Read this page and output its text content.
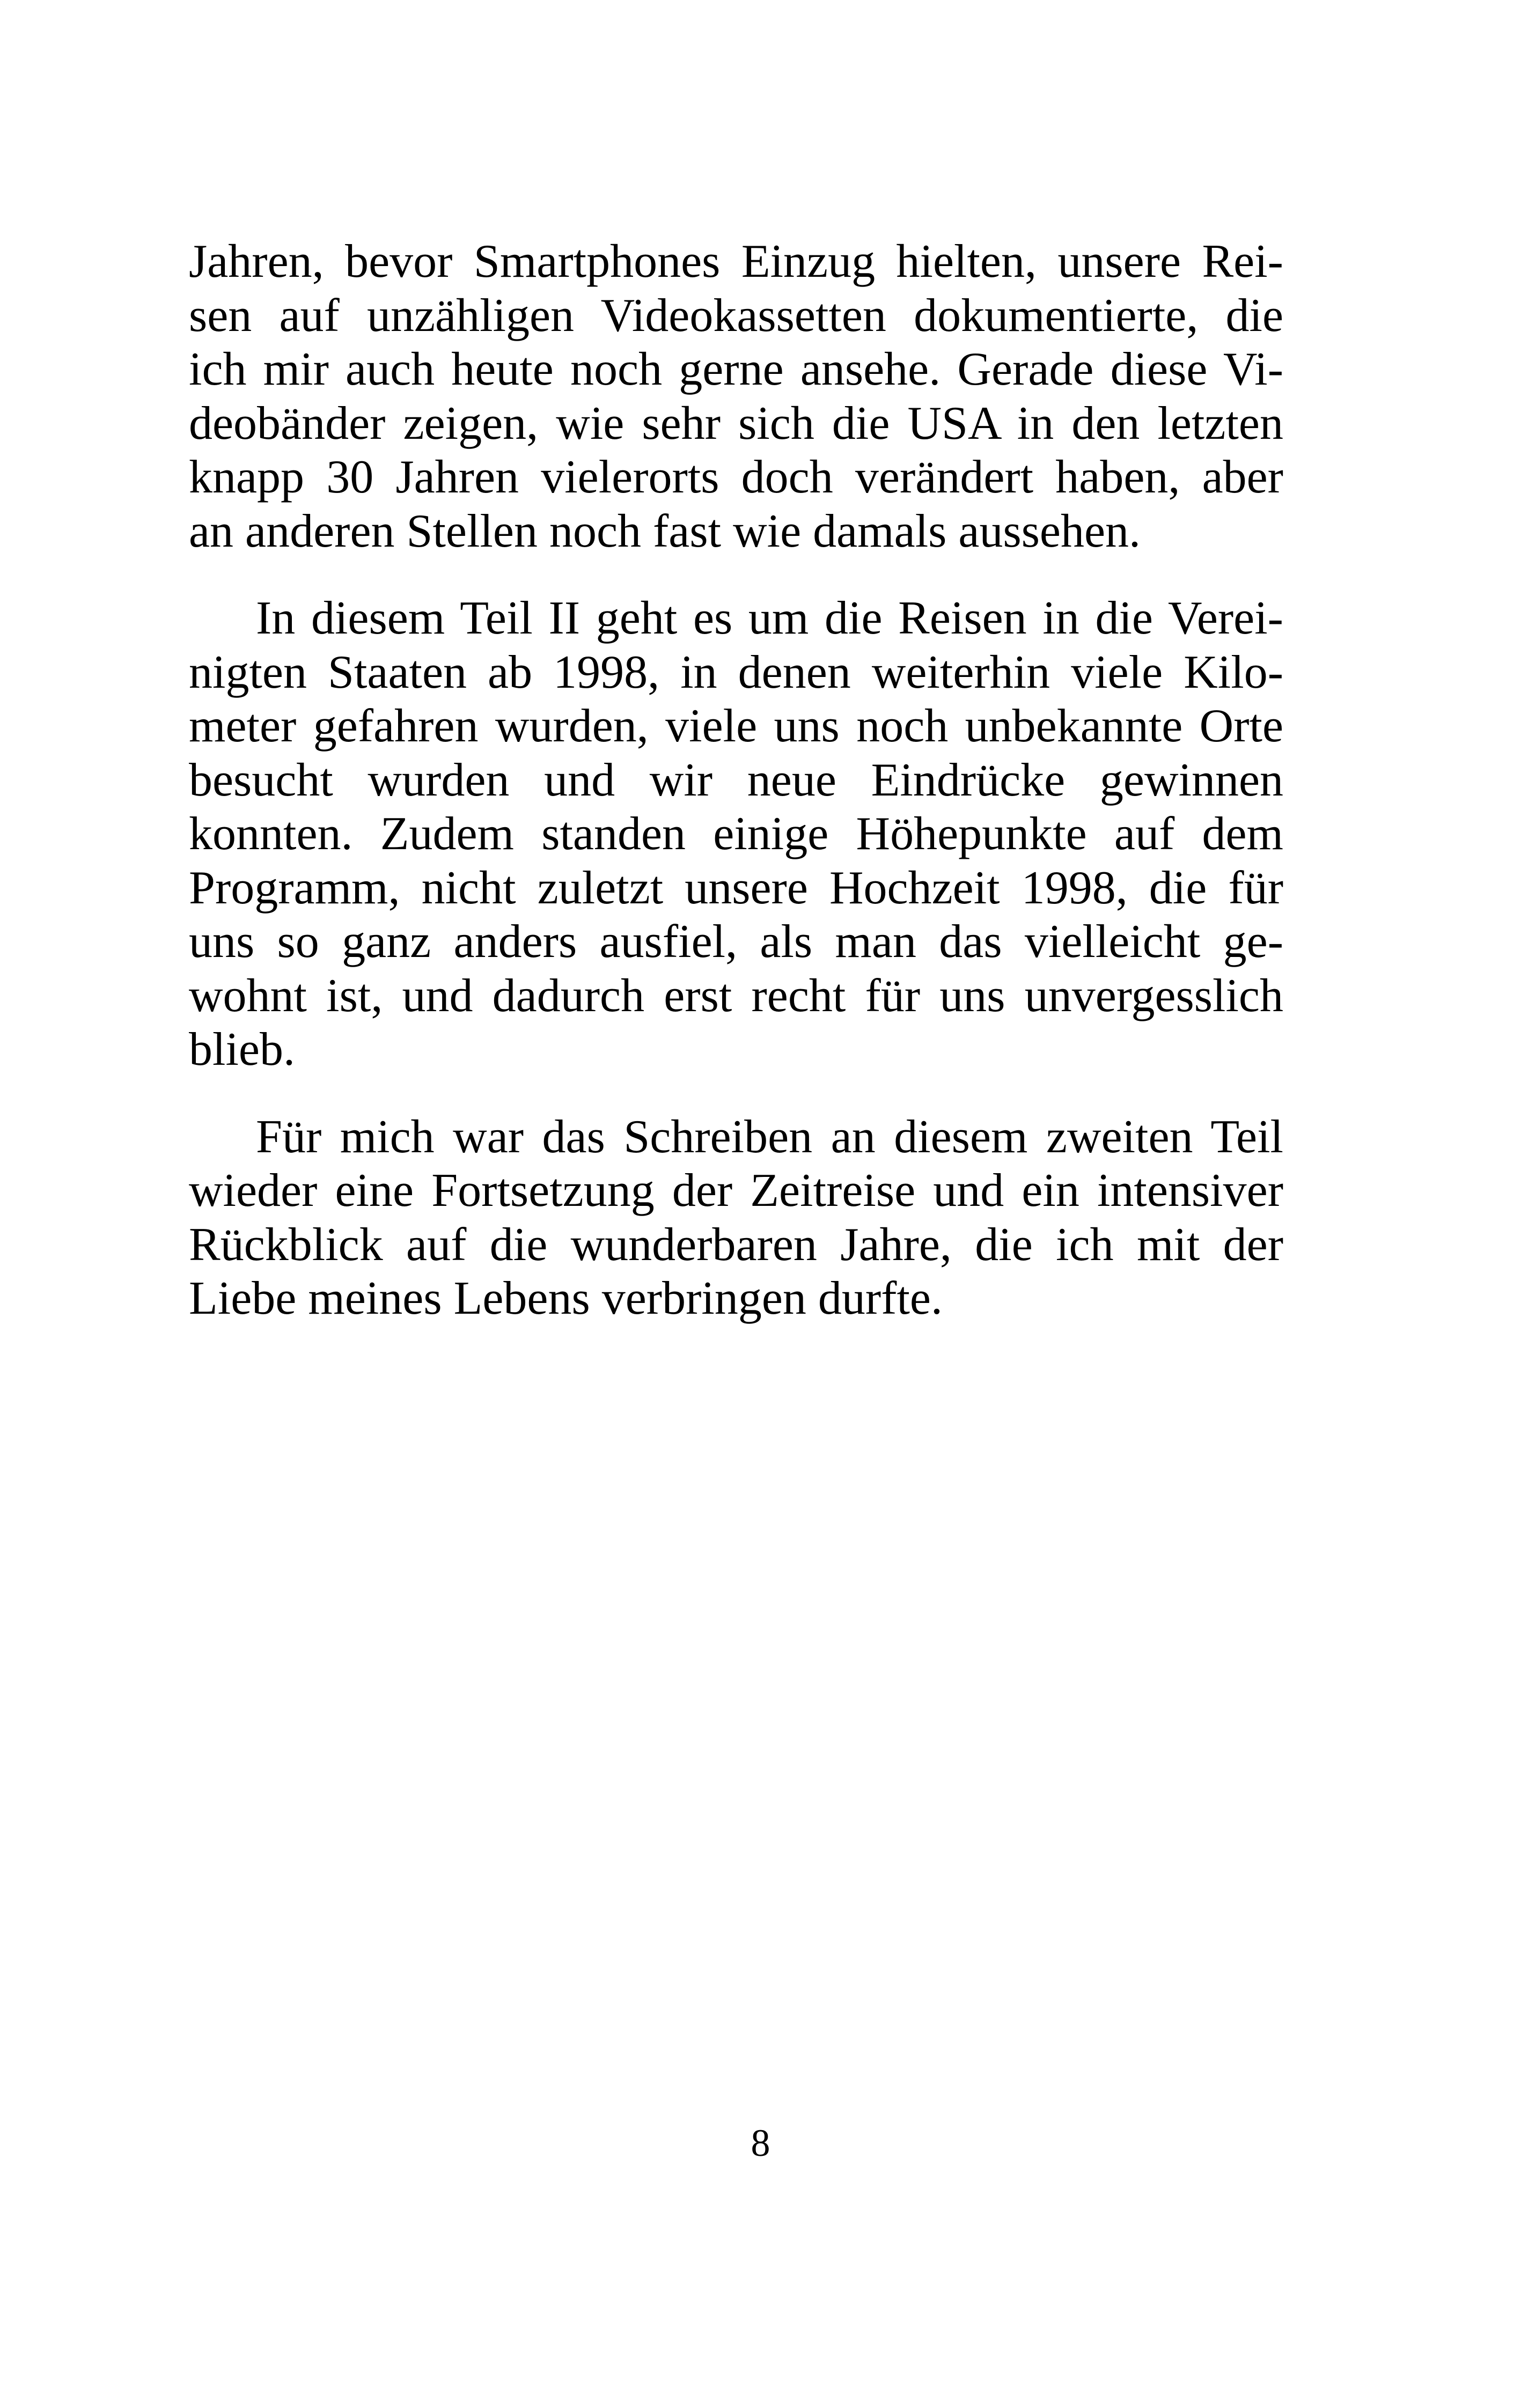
Jahren, bevor Smartphones Einzug hielten, unsere Rei-
sen auf unzähligen Videokassetten dokumentierte, die
ich mir auch heute noch gerne ansehe. Gerade diese Vi-
deobänder zeigen, wie sehr sich die USA in den letzten
knapp 30 Jahren vielerorts doch verändert haben, aber
an anderen Stellen noch fast wie damals aussehen.
In diesem Teil II geht es um die Reisen in die Verei-
nigten Staaten ab 1998, in denen weiterhin viele Kilo-
meter gefahren wurden, viele uns noch unbekannte Orte
besucht wurden und wir neue Eindrücke gewinnen
konnten. Zudem standen einige Höhepunkte auf dem
Programm, nicht zuletzt unsere Hochzeit 1998, die für
uns so ganz anders ausfiel, als man das vielleicht ge-
wohnt ist, und dadurch erst recht für uns unvergesslich
blieb.
Für mich war das Schreiben an diesem zweiten Teil
wieder eine Fortsetzung der Zeitreise und ein intensiver
Rückblick auf die wunderbaren Jahre, die ich mit der
Liebe meines Lebens verbringen durfte.
8
